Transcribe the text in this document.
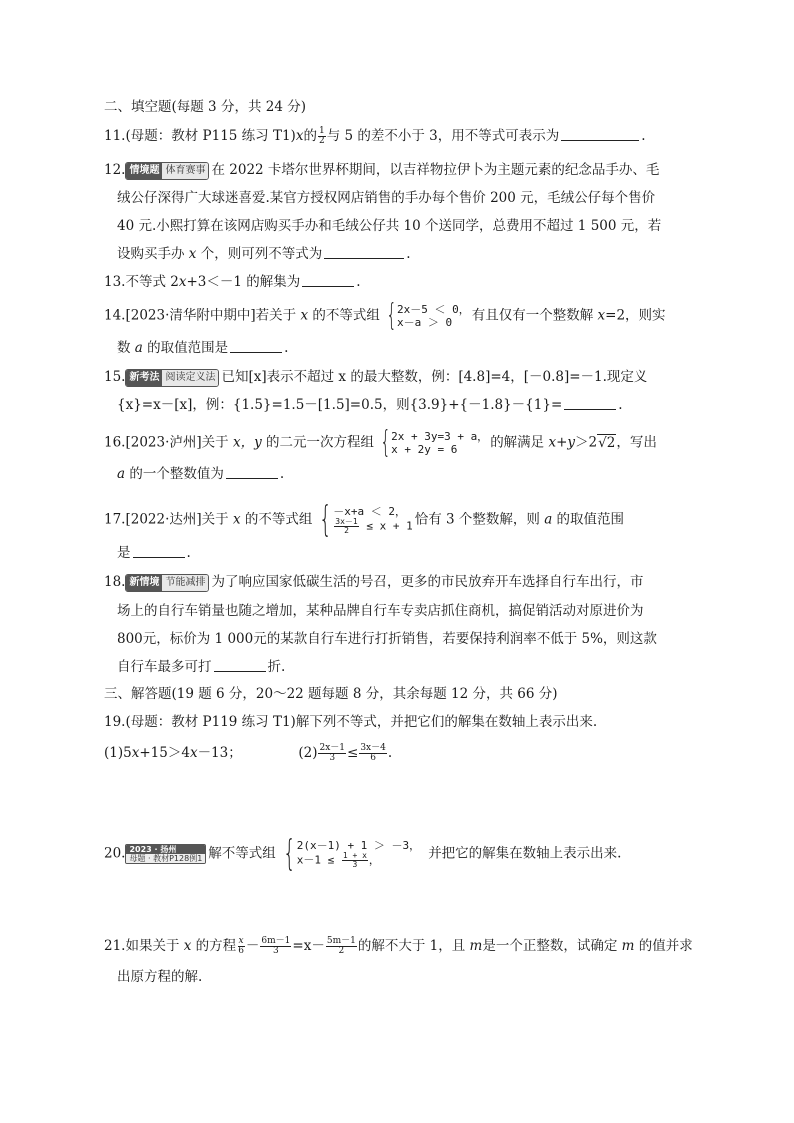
二、填空题(每题 3 分，共 24 分)
11.(母题：教材 P115 练习 T1)x的 $\frac{1}{2}$ 与 5 的差不小于 3，用不等式可表示为	.
12. 情境题 体育赛事 在 2022 卡塔尔世界杯期间，以吉祥物拉伊卜为主题元素的纪念品手办、毛
绒公仔深得广大球迷喜爱.某官方授权网店销售的手办每个售价 200 元，毛绒公仔每个售价
40 元.小熙打算在该网店购买手办和毛绒公仔共 10 个送同学，总费用不超过 1 500 元，若
设购买手办 x 个，则可列不等式为	.
13.不等式 2x+3＜－1 的解集为	.
14.[2023·清华附中期中]若关于 x 的不等式组 { 2x－5 ＜ 0，
x－a ＞ 0	有且仅有一个整数解 x=2，则实
数 a 的取值范围是	.
15. 新考法 阅读定义法 已知[x]表示不超过 x 的最大整数，例：[4.8]=4，[－0.8]=－1.现定义
{x}=x－[x]，例：{1.5}=1.5－[1.5]=0.5，则{3.9}+{－1.8}－{1}=	.
16.[2023·泸州]关于 x，y 的二元一次方程组 { 2x + 3y=3 + a，
x + 2y = 6	的解满足 x+y＞2√2，写出
a 的一个整数值为	.
17.[2022·达州]关于 x 的不等式组 { －x+a ＜ 2，
$\frac{3x-1}{2} \le x + 1$ 恰有 3 个整数解，则 a 的取值范围
是	.
18. 新情境 节能减排 为了响应国家低碳生活的号召，更多的市民放弃开车选择自行车出行，市
场上的自行车销量也随之增加，某种品牌自行车专卖店抓住商机，搞促销活动对原进价为
800元，标价为 1 000元的某款自行车进行打折销售，若要保持利润率不低于 5%，则这款
自行车最多可打	折.
三、解答题(19 题 6 分，20～22 题每题 8 分，其余每题 12 分，共 66 分)
19.(母题：教材 P119 练习 T1)解下列不等式，并把它们的解集在数轴上表示出来.
(1)5x+15＞4x－13；	$(2) \frac{2x-1}{3} \le \frac{3x-4}{6}$ .
20. 2023 · 扬州
母题 · 教材P128例1 解不等式组 { 2(x－1) + 1 ＞ －3，
$x-1 \le \frac{1 + x}{3}$ ，	并把它的解集在数轴上表示出来.
21.如果关于 x 的方程 $\frac{x}{6} - \frac{6m-1}{3} =x- \frac{5m-1}{2}$ 的解不大于 1，且 m是一个正整数，试确定 m 的值并求
出原方程的解.
